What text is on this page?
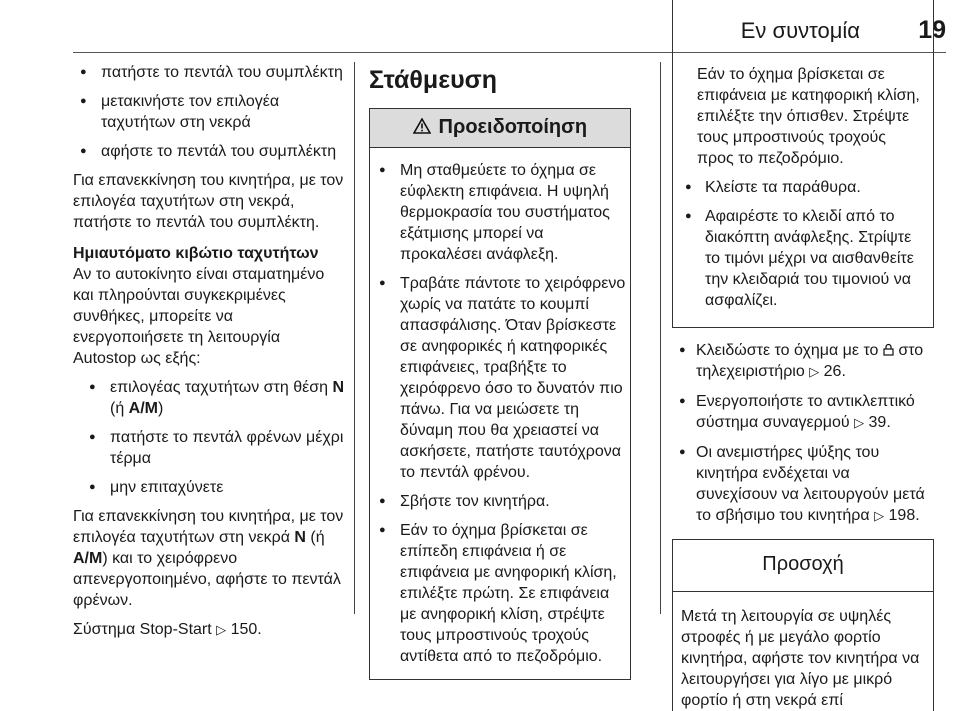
Εν συντομία 19
● πατήστε το πεντάλ του συμπλέκτη
● μετακινήστε τον επιλογέα ταχυτήτων στη νεκρά
● αφήστε το πεντάλ του συμπλέκτη

Για επανεκκίνηση του κινητήρα, με τον επιλογέα ταχυτήτων στη νεκρά, πατήστε το πεντάλ του συμπλέκτη.

Ημιαυτόματο κιβώτιο ταχυτήτων

Αν το αυτοκίνητο είναι σταματημένο και πληρούνται συγκεκριμένες συνθήκες, μπορείτε να ενεργοποιήσετε τη λειτουργία Autostop ως εξής:

● επιλογέας ταχυτήτων στη θέση N (ή A/M)
● πατήστε το πεντάλ φρένων μέχρι τέρμα
● μην επιταχύνετε

Για επανεκκίνηση του κινητήρα, με τον επιλογέα ταχυτήτων στη νεκρά N (ή A/M) και το χειρόφρενο απενεργοποιημένο, αφήστε το πεντάλ φρένων.

Σύστημα Stop-Start ▷ 150.

Στάθμευση
Προειδοποίηση
● Μη σταθμεύετε το όχημα σε εύφλεκτη επιφάνεια. Η υψηλή θερμοκρασία του συστήματος εξάτμισης μπορεί να προκαλέσει ανάφλεξη.
● Τραβάτε πάντοτε το χειρόφρενο χωρίς να πατάτε το κουμπί απασφάλισης. Όταν βρίσκεστε σε ανηφορικές ή κατηφορικές επιφάνειες, τραβήξτε το χειρόφρενο όσο το δυνατόν πιο πάνω. Για να μειώσετε τη δύναμη που θα χρειαστεί να ασκήσετε, πατήστε ταυτόχρονα το πεντάλ φρένου.
● Σβήστε τον κινητήρα.
● Εάν το όχημα βρίσκεται σε επίπεδη επιφάνεια ή σε επιφάνεια με ανηφορική κλίση, επιλέξτε πρώτη. Σε επιφάνεια με ανηφορική κλίση, στρέψτε τους μπροστινούς τροχούς αντίθετα από το πεζοδρόμιο.

Εάν το όχημα βρίσκεται σε επιφάνεια με κατηφορική κλίση, επιλέξτε την όπισθεν. Στρέψτε τους μπροστινούς τροχούς προς το πεζοδρόμιο.

● Κλείστε τα παράθυρα.
● Αφαιρέστε το κλειδί από το διακόπτη ανάφλεξης. Στρίψτε το τιμόνι μέχρι να αισθανθείτε την κλειδαριά του τιμονιού να ασφαλίζει.
● Κλειδώστε το όχημα με το  στο τηλεχειριστήριο ▷ 26.
● Ενεργοποιήστε το αντικλεπτικό σύστημα συναγερμού ▷ 39.
● Οι ανεμιστήρες ψύξης του κινητήρα ενδέχεται να συνεχίσουν να λειτουργούν μετά το σβήσιμο του κινητήρα ▷ 198.
Προσοχή
Μετά τη λειτουργία σε υψηλές στροφές ή με μεγάλο φορτίο κινητήρα, αφήστε τον κινητήρα να λειτουργήσει για λίγο με μικρό φορτίο ή στη νεκρά επί
